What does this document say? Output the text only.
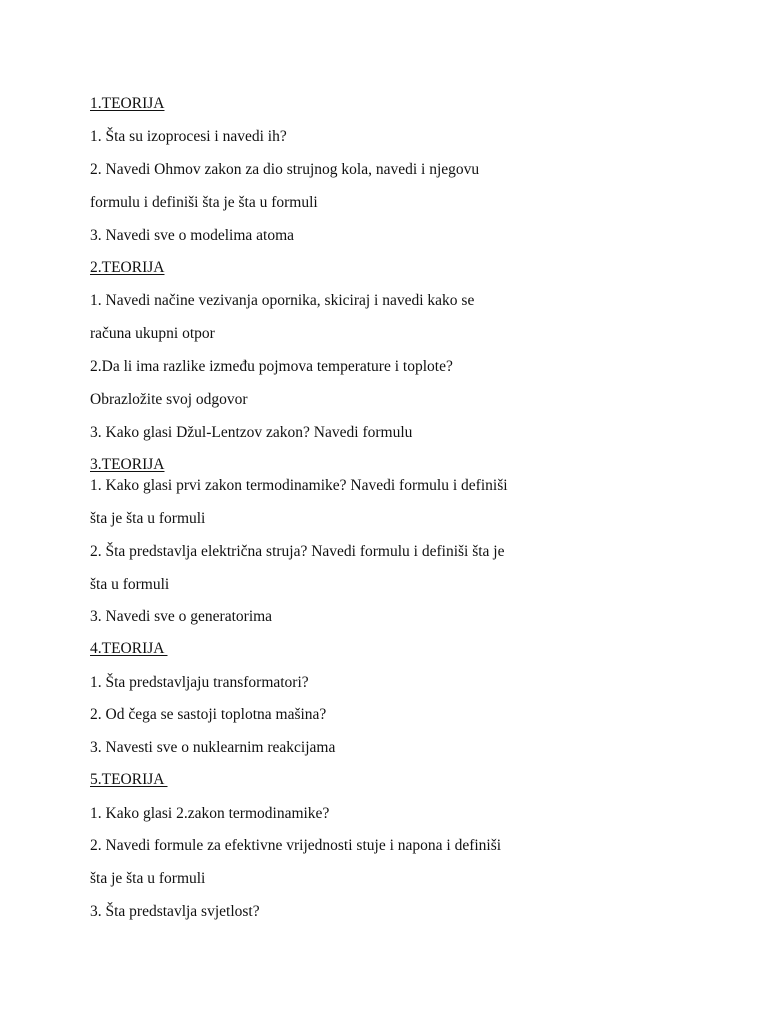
1.TEORIJA
1. Šta su izoprocesi i navedi ih?
2. Navedi Ohmov zakon za dio strujnog kola, navedi i njegovu
formulu i definiši šta je šta u formuli
3. Navedi sve o modelima atoma
2.TEORIJA
1. Navedi načine vezivanja opornika, skiciraj i navedi kako se
računa ukupni otpor
2.Da li ima razlike između pojmova temperature i toplote?
Obrazložite svoj odgovor
3. Kako glasi Džul-Lentzov zakon? Navedi formulu
3.TEORIJA
1. Kako glasi prvi zakon termodinamike? Navedi formulu i definiši
šta je šta u formuli
2. Šta predstavlja električna struja? Navedi formulu i definiši šta je
šta u formuli
3. Navedi sve o generatorima
4.TEORIJA
1. Šta predstavljaju transformatori?
2. Od čega se sastoji toplotna mašina?
3. Navesti sve o nuklearnim reakcijama
5.TEORIJA
1. Kako glasi 2.zakon termodinamike?
2. Navedi formule za efektivne vrijednosti stuje i napona i definiši
šta je šta u formuli
3. Šta predstavlja svjetlost?
